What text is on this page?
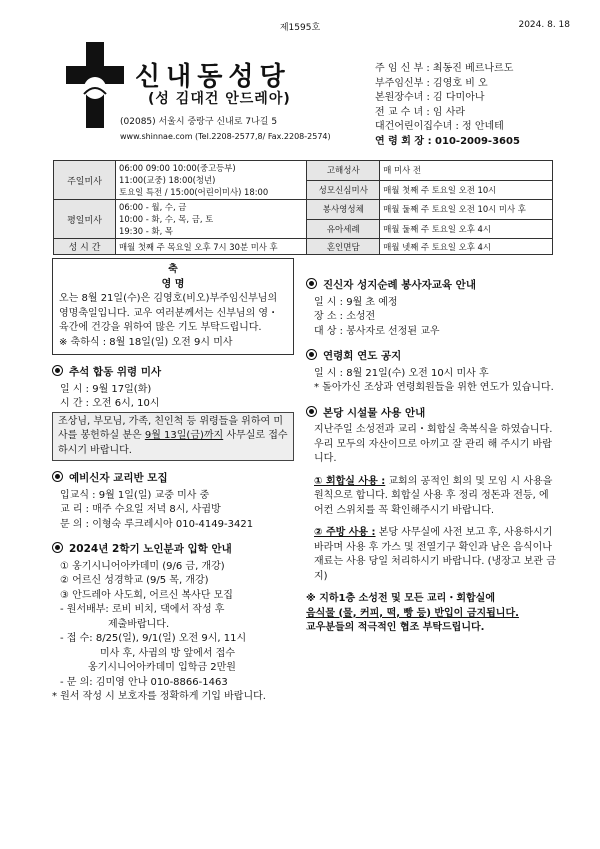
제1595호	2024. 8. 18
신내동성당
(성 김대건 안드레아)
(02085) 서울시 중랑구 신내로 7나길 5
www.shinnae.com (Tel.2208-2577,8/ Fax.2208-2574)
주 임 신 부 : 최동진 베르나르도
부주임신부 : 김영호 비 오
본원장수녀 : 김 다미아나
전 교 수 녀 : 임 사라
대건어린이집수녀 : 정 안네테
연 령 회 장 : 010-2009-3605
주일미사	06:00 09:00 10:00(중고등부)
11:00(교중) 18:00(청년)
토요일 특전 / 15:00(어린이미사) 18:00	고해성사	매 미사 전
		성모신심미사	매월 첫째 주 토요일 오전 10시
평일미사	06:00 - 월, 수, 금
10:00 - 화, 수, 목, 금, 토
19:30 - 화, 목	봉사영성체	매월 둘째 주 토요일 오전 10시 미사 후
		유아세례	매월 둘째 주 토요일 오후 4시
성 시 간	매월 첫째 주 목요일 오후 7시 30분 미사 후	혼인면담	매월 넷째 주 토요일 오후 4시
축
영 명
오는 8월 21일(수)은 김영호(비오)부주임신부님의 영명축일입니다. 교우 여러분께서는 신부님의 영・육간에 건강을 위하여 많은 기도 부탁드립니다.
※ 축하식 : 8월 18일(일) 오전 9시 미사
추석 합동 위령 미사
일 시 : 9월 17일(화)
시 간 : 오전 6시, 10시
조상님, 부모님, 가족, 친인척 등 위령들을 위하여 미사를 봉헌하실 분은 9월 13일(금)까지 사무실로 접수하시기 바랍니다.
예비신자 교리반 모집
입교식 : 9월 1일(일) 교중 미사 중
교 리 : 매주 수요일 저녁 8시, 사귐방
문 의 : 이형숙 루크레시아 010-4149-3421
2024년 2학기 노인분과 입학 안내
① 옹기시니어아카데미 (9/6 금, 개강)
② 어르신 성경학교 (9/5 목, 개강)
③ 안드레아 사도회, 어르신 복사단 모집
- 원서배부: 로비 비치, 댁에서 작성 후
제출바랍니다.
- 접 수: 8/25(일), 9/1(일) 오전 9시, 11시
미사 후, 사귐의 방 앞에서 접수
옹기시니어아카데미 입학금 2만원
- 문 의: 김미영 안나 010-8866-1463
* 원서 작성 시 보호자를 정확하게 기입 바랍니다.
진신자 성지순례 봉사자교육 안내
일 시 : 9월 초 예정
장 소 : 소성전
대 상 : 봉사자로 선정된 교우
연령회 연도 공지
일 시 : 8월 21일(수) 오전 10시 미사 후
* 돌아가신 조상과 연령회원들을 위한 연도가 있습니다.
본당 시설물 사용 안내
지난주일 소성전과 교리・회합실 축복식을 하였습니다.
우리 모두의 자산이므로 아끼고 잘 관리 해 주시기 바랍니다.
① 회합실 사용 : 교회의 공적인 회의 및 모임 시 사용을 원칙으로 합니다. 회합실 사용 후 정리 정돈과 전등, 에어컨 스위치를 꼭 확인해주시기 바랍니다.
② 주방 사용 : 본당 사무실에 사전 보고 후, 사용하시기 바라며 사용 후 가스 및 전열기구 확인과 남은 음식이나 재료는 사용 당일 처리하시기 바랍니다. (냉장고 보관 금지)
※ 지하1층 소성전 및 모든 교리・회합실에
음식물 (물, 커피, 떡, 빵 등) 반입이 금지됩니다.
교우분들의 적극적인 협조 부탁드립니다.
